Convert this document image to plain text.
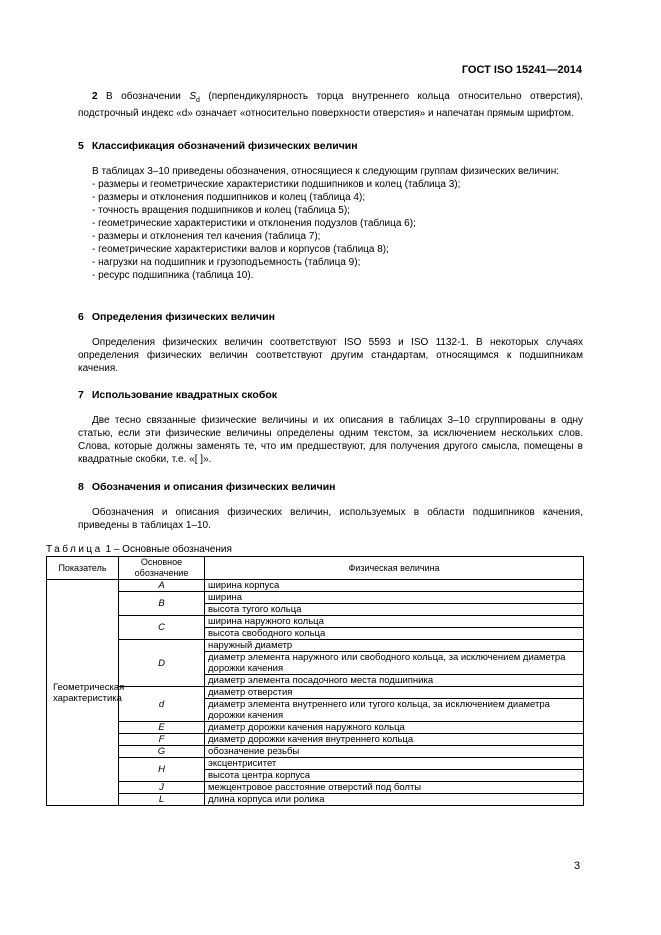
ГОСТ ISO 15241—2014

2 В обозначении $S_d$ (перпендикулярность торца внутреннего кольца относительно отверстия), подстрочный индекс «d» означает «относительно поверхности отверстия» и напечатан прямым шрифтом.

5 Классификация обозначений физических величин

В таблицах 3–10 приведены обозначения, относящиеся к следующим группам физических величин:

- размеры и геометрические характеристики подшипников и колец (таблица 3);
- размеры и отклонения подшипников и колец (таблица 4);
- точность вращения подшипников и колец (таблица 5);
- геометрические характеристики и отклонения подузлов (таблица 6);
- размеры и отклонения тел качения (таблица 7);
- геометрические характеристики валов и корпусов (таблица 8);
- нагрузки на подшипник и грузоподъемность (таблица 9);
- ресурс подшипника (таблица 10).
6 Определения физических величин

Определения физических величин соответствуют ISO 5593 и ISO 1132-1. В некоторых случаях определения физических величин соответствуют другим стандартам, относящимся к подшипникам качения.

7 Использование квадратных скобок

Две тесно связанные физические величины и их описания в таблицах 3–10 сгруппированы в одну статью, если эти физические величины определены одним текстом, за исключением нескольких слов. Слова, которые должны заменять те, что им предшествуют, для получения другого смысла, помещены в квадратные скобки, т.е. «[ ]».

8 Обозначения и описания физических величин

Обозначения и описания физических величин, используемых в области подшипников качения, приведены в таблицах 1–10.

Таблица 1 – Основные обозначения
Показатель	Основное обозначение	Физическая величина
Геометрическая характеристика	A	ширина корпуса
	B	ширина
		высота тугого кольца
	C	ширина наружного кольца
		высота свободного кольца
	D	наружный диаметр
		диаметр элемента наружного или свободного кольца, за исключением диаметра дорожки качения
		диаметр элемента посадочного места подшипника
	d	диаметр отверстия
		диаметр элемента внутреннего или тугого кольца, за исключением диаметра дорожки качения
	E	диаметр дорожки качения наружного кольца
	F	диаметр дорожки качения внутреннего кольца
	G	обозначение резьбы
	H	эксцентриситет
		высота центра корпуса
	J	межцентровое расстояние отверстий под болты
	L	длина корпуса или ролика
3
